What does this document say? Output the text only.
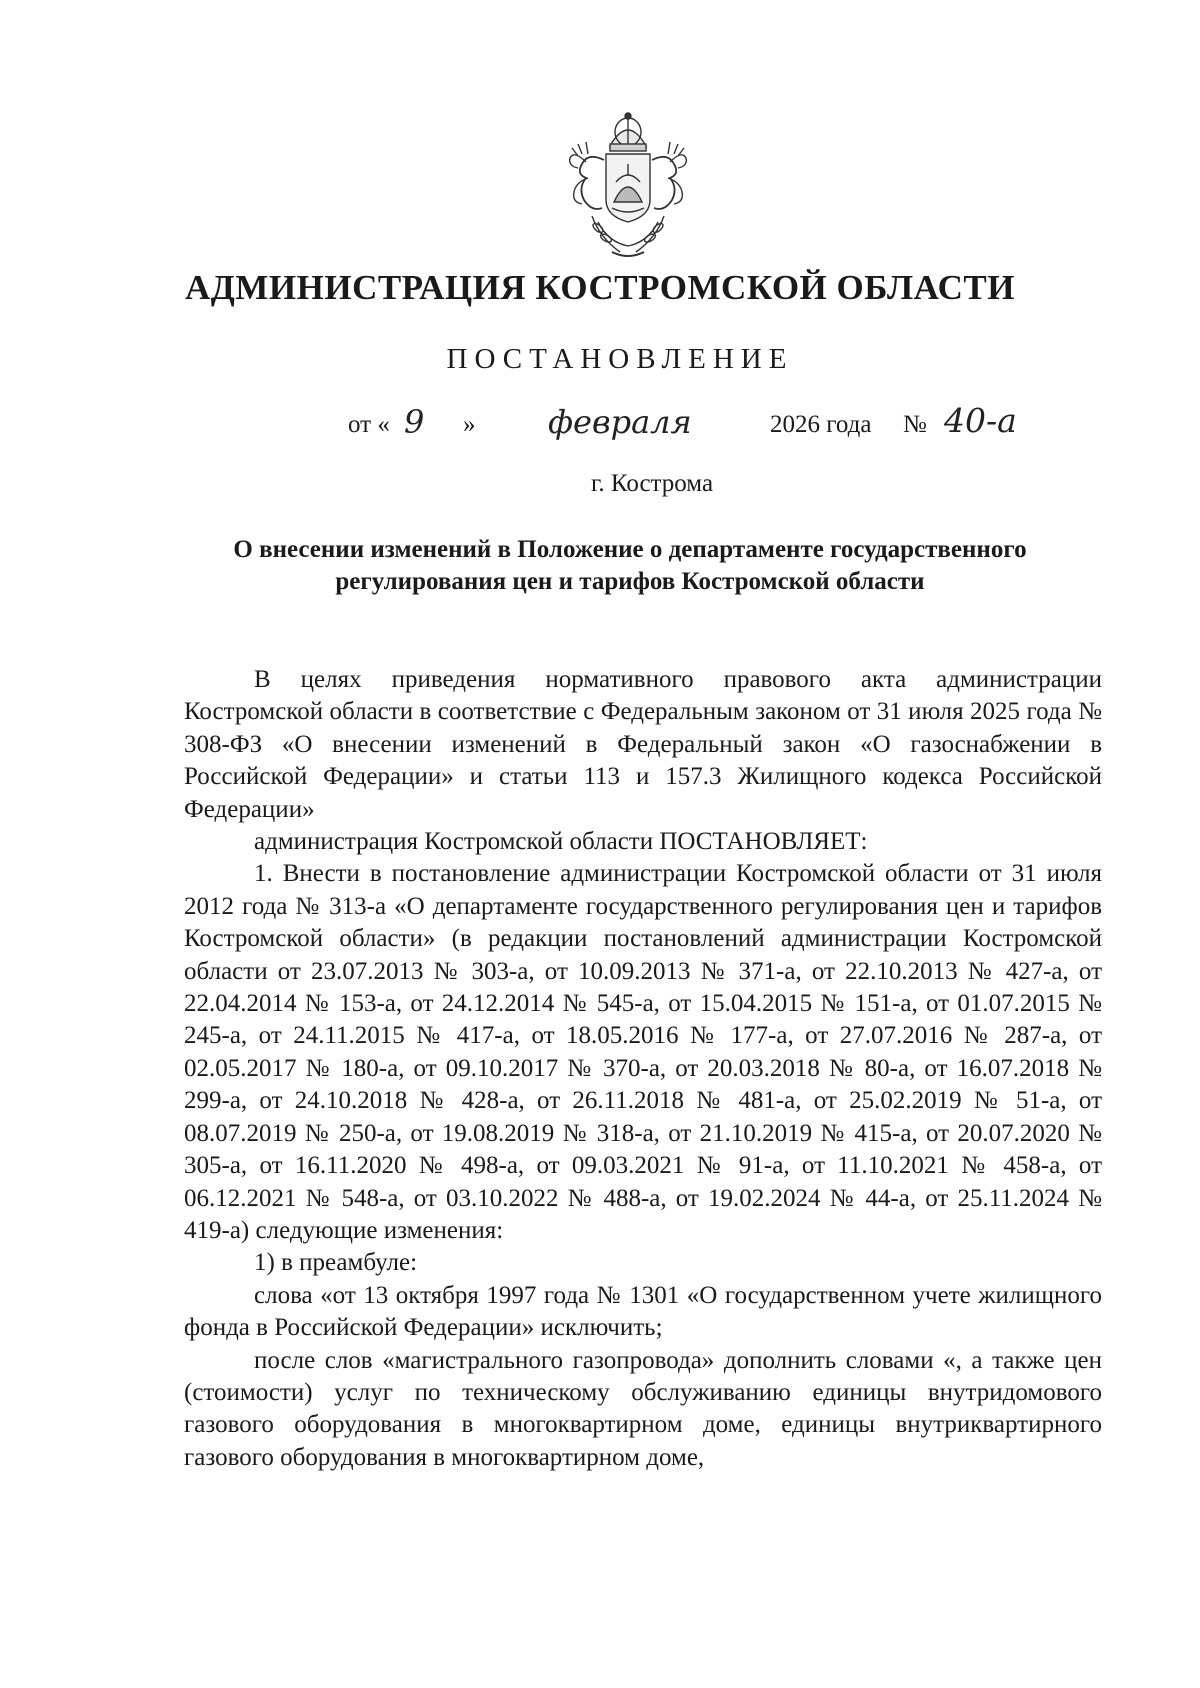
АДМИНИСТРАЦИЯ КОСТРОМСКОЙ ОБЛАСТИ
ПОСТАНОВЛЕНИЕ
от « 9 » февраля	2026 года № 40-а
г. Кострома
О внесении изменений в Положение о департаменте государственного регулирования цен и тарифов Костромской области

В целях приведения нормативного правового акта администрации Костромской области в соответствие с Федеральным законом от 31 июля 2025 года № 308-ФЗ «О внесении изменений в Федеральный закон «О газоснабжении в Российской Федерации» и статьи 113 и 157.3 Жилищного кодекса Российской Федерации»

администрация Костромской области ПОСТАНОВЛЯЕТ:

1. Внести в постановление администрации Костромской области от 31 июля 2012 года № 313-а «О департаменте государственного регулирования цен и тарифов Костромской области» (в редакции постановлений администрации Костромской области от 23.07.2013 № 303-а, от 10.09.2013 № 371-а, от 22.10.2013 № 427-а, от 22.04.2014 № 153-а, от 24.12.2014 № 545-а, от 15.04.2015 № 151-а, от 01.07.2015 № 245-а, от 24.11.2015 № 417-а, от 18.05.2016 № 177-а, от 27.07.2016 № 287-а, от 02.05.2017 № 180-а, от 09.10.2017 № 370-а, от 20.03.2018 № 80-а, от 16.07.2018 № 299-а, от 24.10.2018 № 428-а, от 26.11.2018 № 481-а, от 25.02.2019 № 51-а, от 08.07.2019 № 250-а, от 19.08.2019 № 318-а, от 21.10.2019 № 415-а, от 20.07.2020 № 305-а, от 16.11.2020 № 498-а, от 09.03.2021 № 91-а, от 11.10.2021 № 458-а, от 06.12.2021 № 548-а, от 03.10.2022 № 488-а, от 19.02.2024 № 44-а, от 25.11.2024 № 419-а) следующие изменения:

1) в преамбуле:

слова «от 13 октября 1997 года № 1301 «О государственном учете жилищного фонда в Российской Федерации» исключить;

после слов «магистрального газопровода» дополнить словами «, а также цен (стоимости) услуг по техническому обслуживанию единицы внутридомового газового оборудования в многоквартирном доме, единицы внутриквартирного газового оборудования в многоквартирном доме,
